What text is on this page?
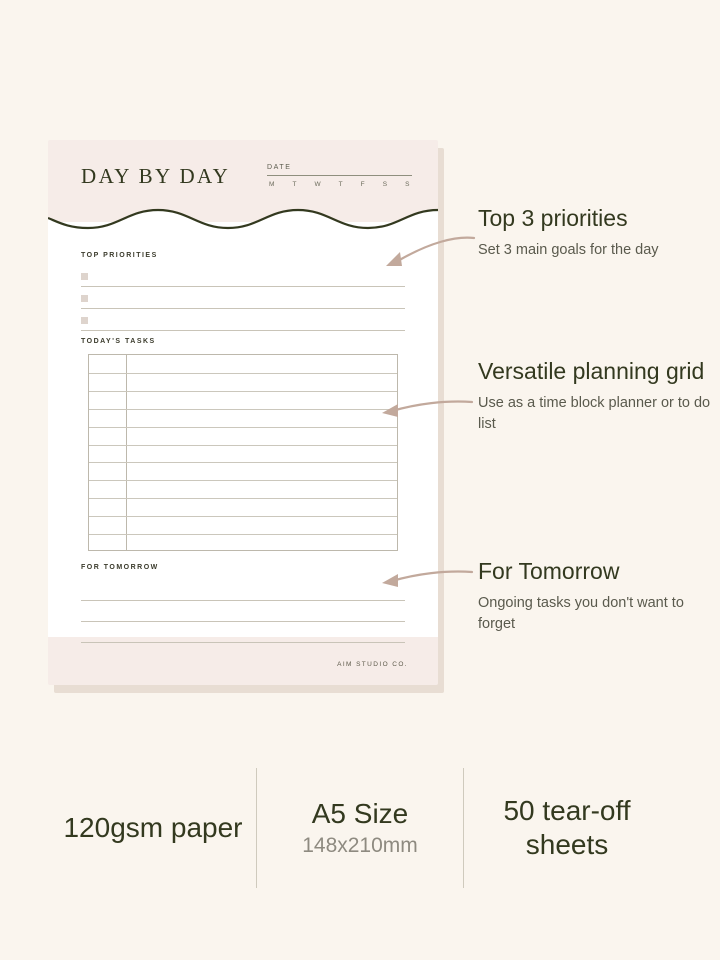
DAY BY DAY	DATE
M	T	W	T	F	S	S
TOP PRIORITIES
TODAY'S TASKS
FOR TOMORROW
AIM STUDIO CO.

Top 3 priorities

Set 3 main goals for the day

Versatile planning grid

Use as a time block planner or to do list

For Tomorrow

Ongoing tasks you don't want to forget

120gsm paper	A5 Size
148x210mm
50 tear-off sheets
